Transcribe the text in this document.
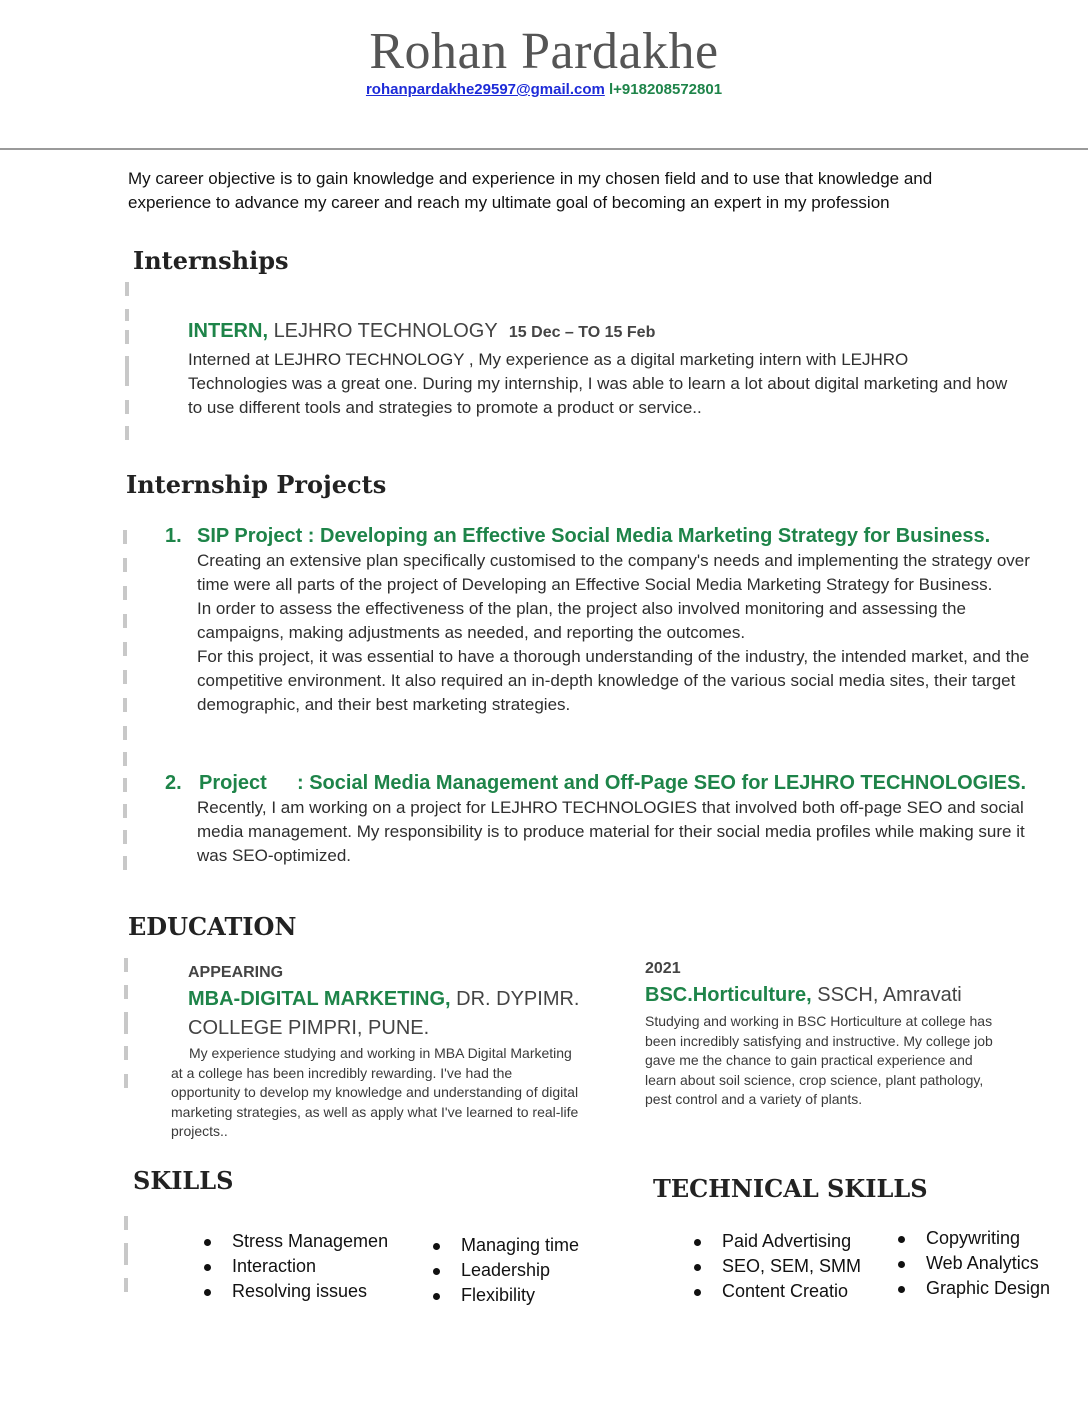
Rohan Pardakhe
rohanpardakhe29597@gmail.com l+918208572801
My career objective is to gain knowledge and experience in my chosen field and to use that knowledge and experience to advance my career and reach my ultimate goal of becoming an expert in my profession
Internships
INTERN, LEJHRO TECHNOLOGY 15 Dec – TO 15 Feb
Interned at LEJHRO TECHNOLOGY , My experience as a digital marketing intern with LEJHRO Technologies was a great one. During my internship, I was able to learn a lot about digital marketing and how to use different tools and strategies to promote a product or service..
Internship Projects
1. SIP Project : Developing an Effective Social Media Marketing Strategy for Business.
Creating an extensive plan specifically customised to the company's needs and implementing the strategy over time were all parts of the project of Developing an Effective Social Media Marketing Strategy for Business.
In order to assess the effectiveness of the plan, the project also involved monitoring and assessing the campaigns, making adjustments as needed, and reporting the outcomes.
For this project, it was essential to have a thorough understanding of the industry, the intended market, and the competitive environment. It also required an in-depth knowledge of the various social media sites, their target demographic, and their best marketing strategies.
2. Project : Social Media Management and Off-Page SEO for LEJHRO TECHNOLOGIES.
Recently, I am working on a project for LEJHRO TECHNOLOGIES that involved both off-page SEO and social media management. My responsibility is to produce material for their social media profiles while making sure it was SEO-optimized.
EDUCATION
APPEARING
MBA-DIGITAL MARKETING, DR. DYPIMR. COLLEGE PIMPRI, PUNE.
My experience studying and working in MBA Digital Marketing at a college has been incredibly rewarding. I've had the opportunity to develop my knowledge and understanding of digital marketing strategies, as well as apply what I've learned to real-life projects..
2021
BSC.Horticulture, SSCH, Amravati
Studying and working in BSC Horticulture at college has been incredibly satisfying and instructive. My college job gave me the chance to gain practical experience and learn about soil science, crop science, plant pathology, pest control and a variety of plants.
SKILLS
Stress Managemen
Interaction
Resolving issues
Managing time
Leadership
Flexibility
TECHNICAL SKILLS
Paid Advertising
SEO, SEM, SMM
Content Creatio
Copywriting
Web Analytics
Graphic Design
